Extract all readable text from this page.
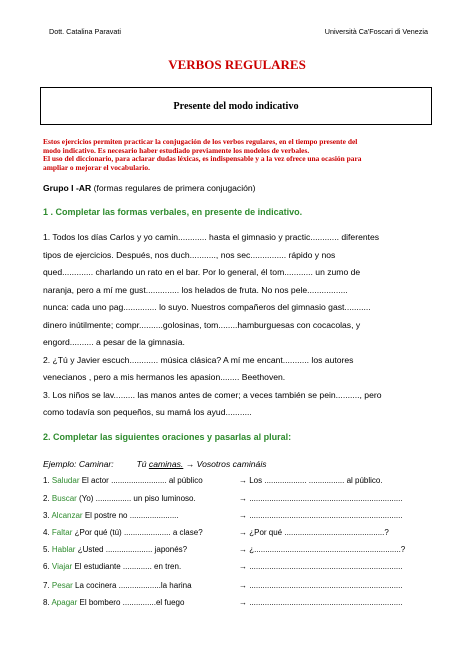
Dott. Catalina Paravati	Università Ca'Foscari di Venezia
VERBOS REGULARES
Presente del modo indicativo
Estos ejercicios permiten practicar la conjugación de los verbos regulares, en el tiempo presente del
modo indicativo. Es necesario haber estudiado previamente los modelos de verbales.
El uso del diccionario, para aclarar dudas léxicas, es indispensable y a la vez ofrece una ocasión para
ampliar o mejorar el vocabulario.
Grupo I -AR (formas regulares de primera conjugación)
1 . Completar las formas verbales, en presente de indicativo.
1. Todos los días Carlos y yo camin............ hasta el gimnasio y practic............ diferentes
tipos de ejercicios. Después, nos duch..........., nos sec............... rápido y nos
qued............. charlando un rato en el bar. Por lo general, él tom............ un zumo de
naranja, pero a mí me gust.............. los helados de fruta. No nos pele.................
nunca: cada uno pag.............. lo suyo. Nuestros compañeros del gimnasio gast...........
dinero inútilmente; compr..........golosinas, tom........hamburguesas con cocacolas, y
engord.......... a pesar de la gimnasia.
2. ¿Tú y Javier escuch............ música clásica? A mí me encant........... los autores
venecianos , pero a mis hermanos les apasion........ Beethoven.
3. Los niños se lav......... las manos antes de comer; a veces también se pein.........., pero
como todavía son pequeños, su mamá los ayud...........
2. Completar las siguientes oraciones y pasarlas al plural:
Ejemplo: Caminar:	Tú caminas. → Vosotros camináis
1. Saludar El actor ......................... al público	→ Los ................... ................ al público.
2. Buscar (Yo) ................ un piso luminoso.	→ .....................................................................
3. Alcanzar El postre no ......................	→ .....................................................................
4. Faltar ¿Por qué (tú) ..................... a clase?	→ ¿Por qué .............................................?
5. Hablar ¿Usted ..................... japonés?	→ ¿..................................................................?
6. Viajar El estudiante ............. en tren.	→ .....................................................................
7. Pesar La cocinera ...................la harina	→ .....................................................................
8. Apagar El bombero ...............el fuego	→ .....................................................................
